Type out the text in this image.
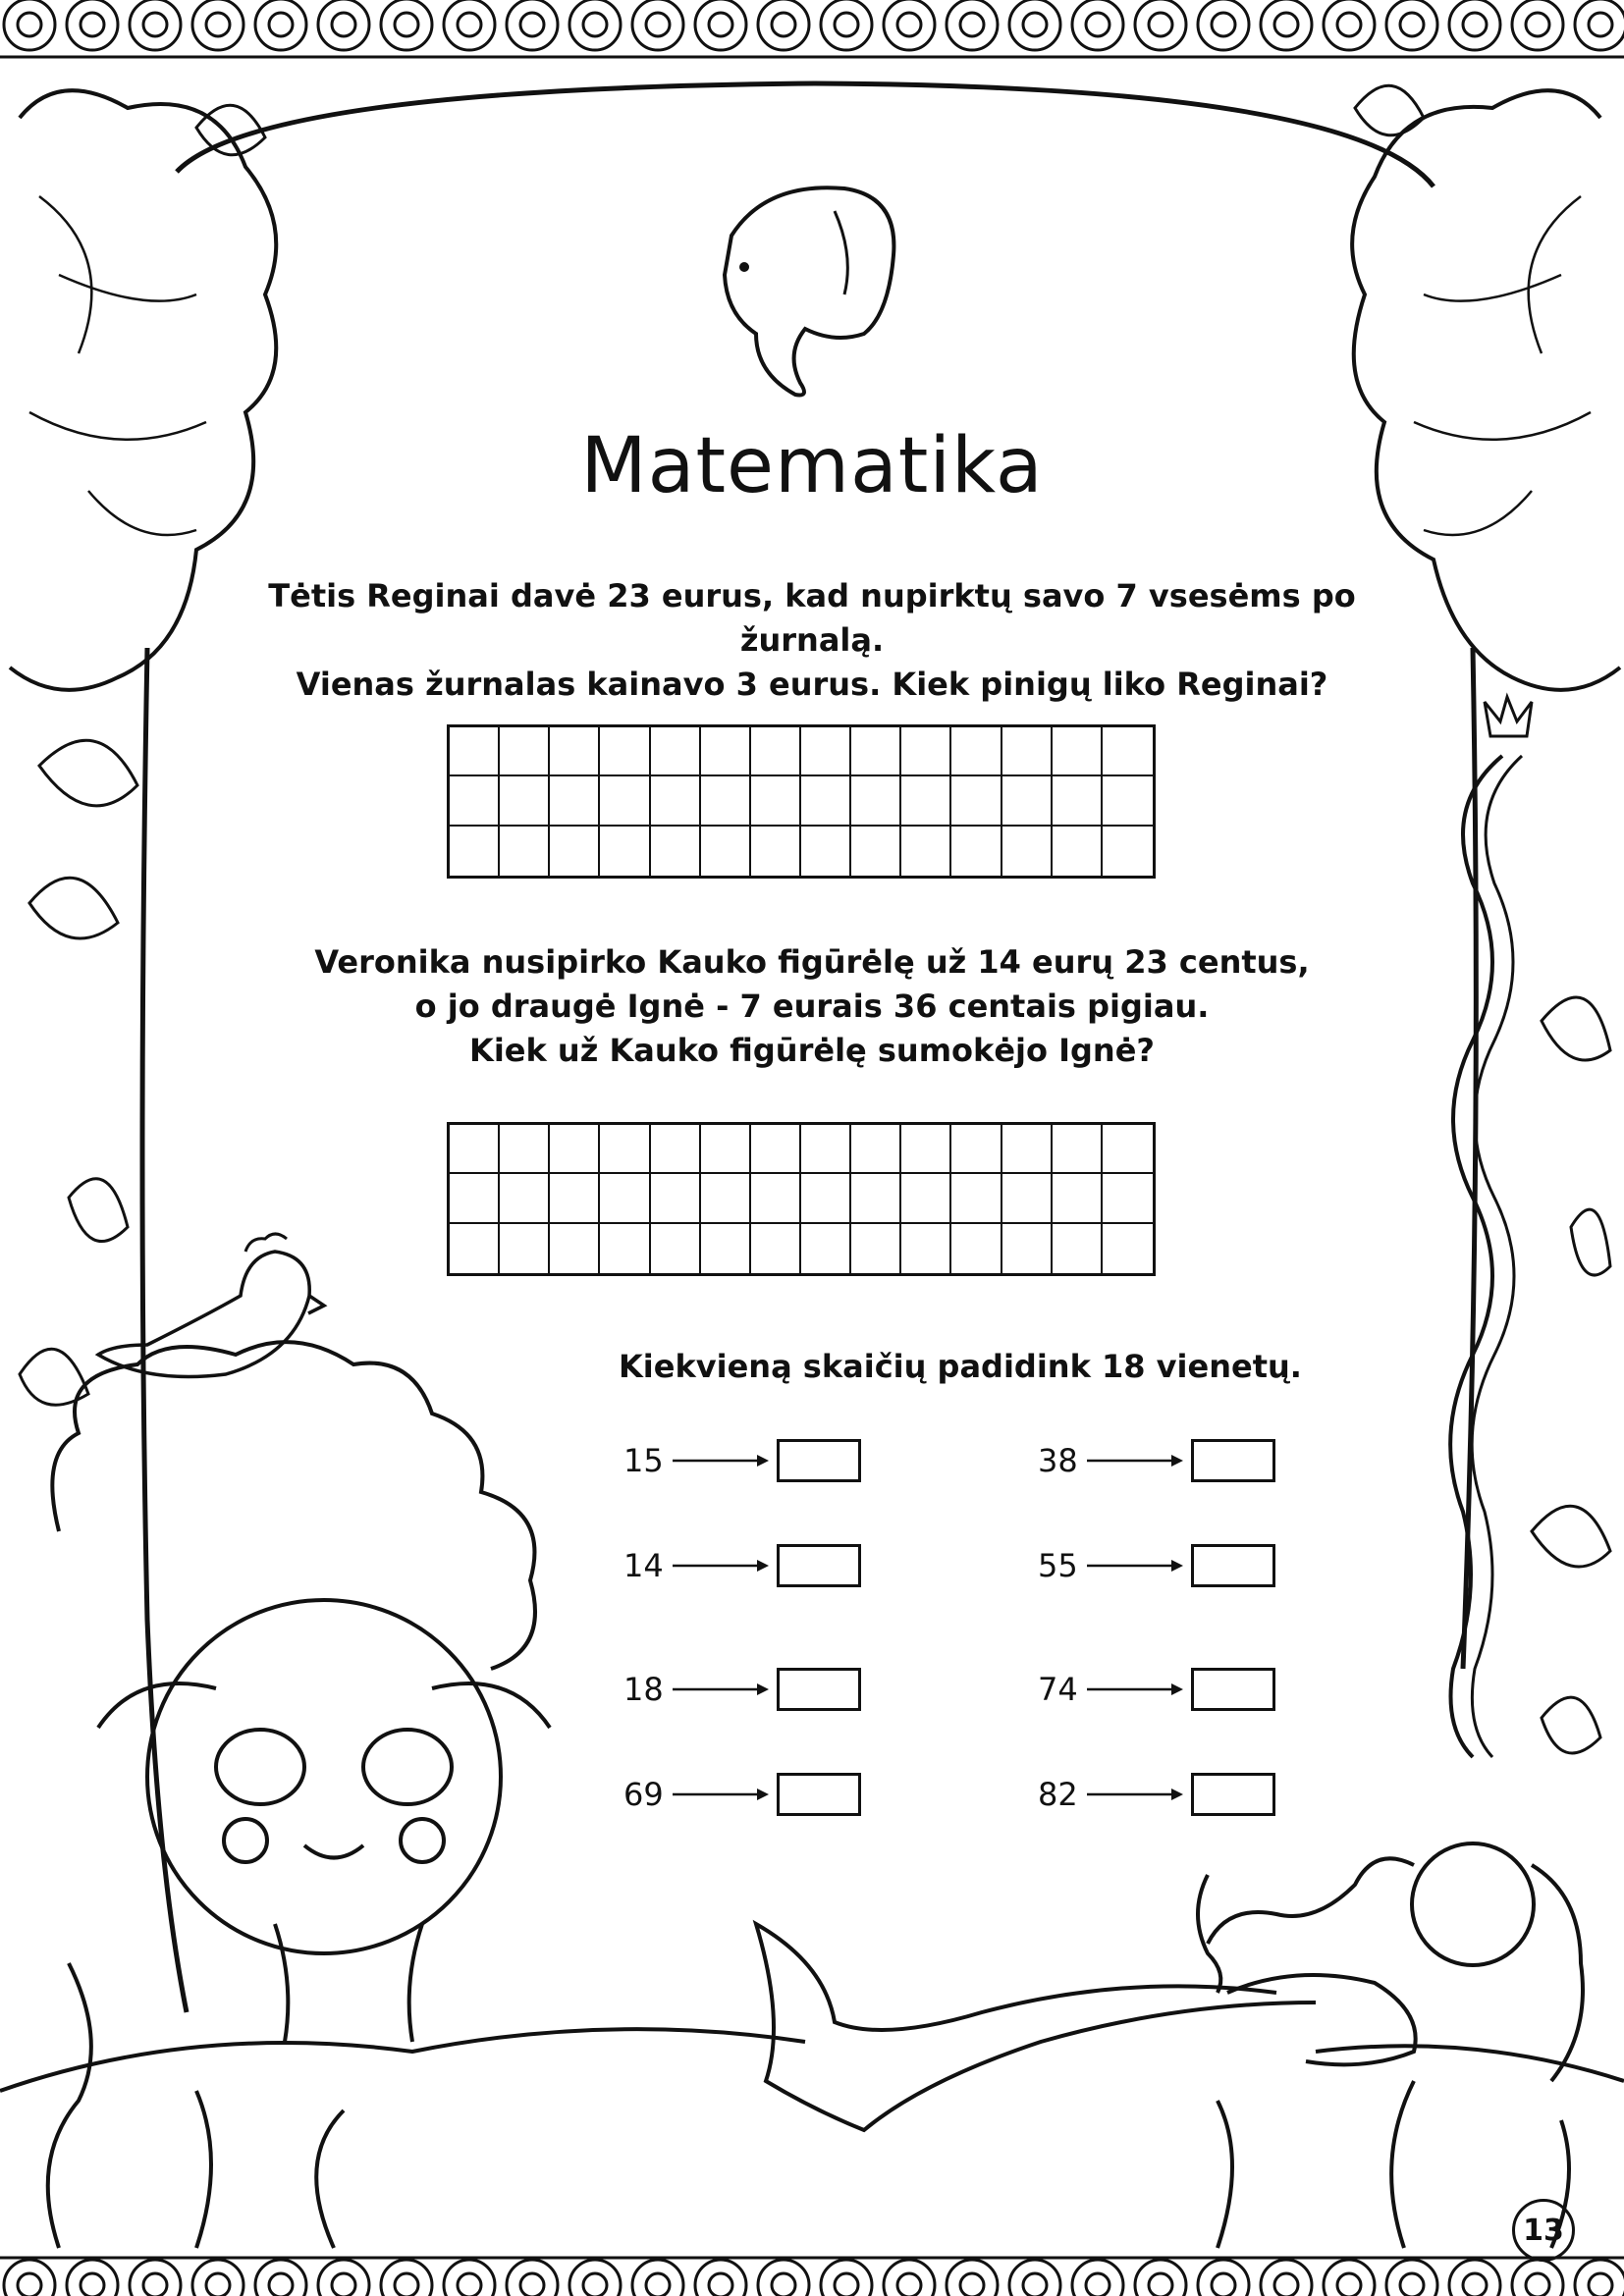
Matematika

Tėtis Reginai davė 23 eurus, kad nupirktų savo 7 vsesėms po žurnalą.

Vienas žurnalas kainavo 3 eurus. Kiek pinigų liko Reginai?

Veronika nusipirko Kauko figūrėlę už 14 eurų 23 centus,

o jo draugė Ignė - 7 eurais 36 centais pigiau.

Kiek už Kauko figūrėlę sumokėjo Ignė?

Kiekvieną skaičių padidink 18 vienetų.
15
14
18
69
38
55
74
82
13
